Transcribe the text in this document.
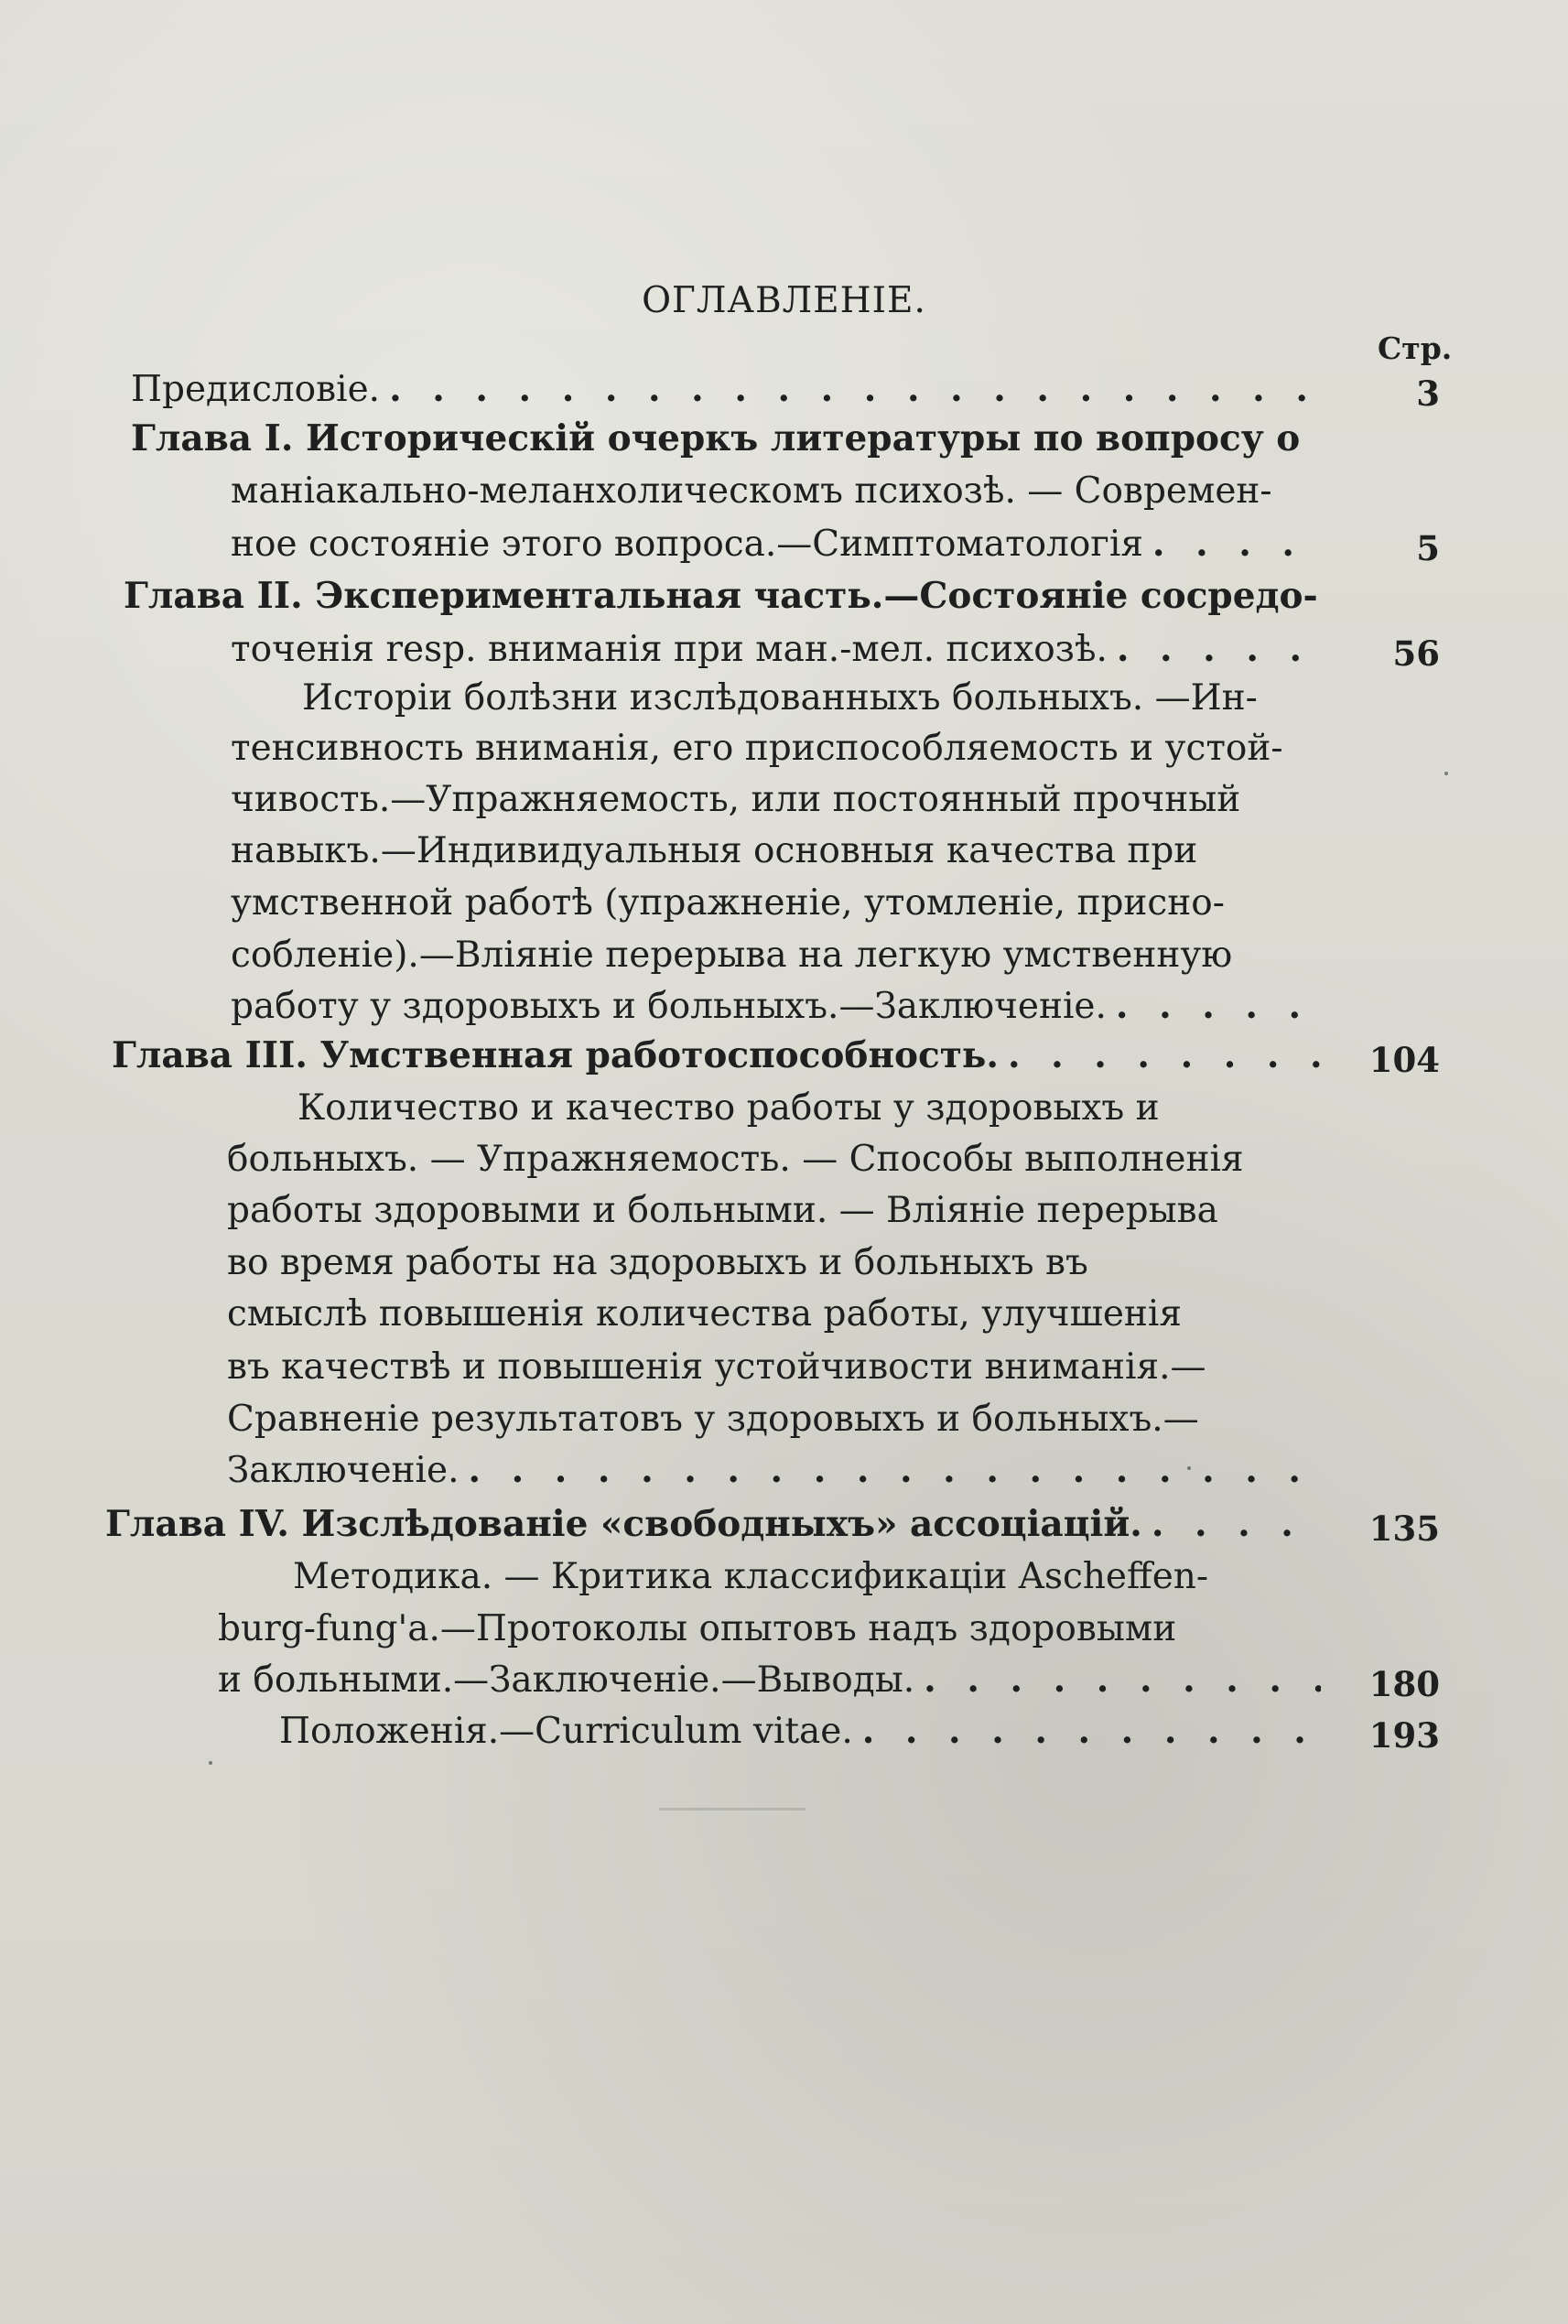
ОГЛАВЛЕНIЕ.
Стр.
Предисловiе. . . .	3
Глава I. Историческiй очеркъ литературы по вопросу о
манiакально-меланхолическомъ психозѣ. — Современ-
ное состоянiе этого вопроса.—Симптоматологiя . . .	5
Глава II. Экспериментальная часть.—Состоянiе сосредо-
точенiя resp. вниманiя при ман.-мел. психозѣ. . . .	56
Исторiи болѣзни изслѣдованныхъ больныхъ. —Ин-
тенсивность вниманiя, его приспособляемость и устой-
чивость.—Упражняемость, или постоянный прочный
навыкъ.—Индивидуальныя основныя качества при
умственной работѣ (упражненiе, утомленiе, присно-
собленiе).—Влiянiе перерыва на легкую умственную
работу у здоровыхъ и больныхъ.—Заключенiе.
. . .
Глава III. Умственная работоспособность. . . .	104
Количество и качество работы у здоровыхъ и
больныхъ. — Упражняемость. — Способы выполненiя
работы здоровыми и больными. — Влiянiе перерыва
во время работы на здоровыхъ и больныхъ въ
смыслѣ повышенiя количества работы, улучшенiя
въ качествѣ и повышенiя устойчивости вниманiя.—
Сравненiе результатовъ у здоровыхъ и больныхъ.—
Заключенiе.
. . .
Глава IV. Изслѣдованiе «свободныхъ» ассоцiацiй. . . .	135
Методика. — Критика классификацiи Ascheffen-
burg-fung'a.—Протоколы опытовъ надъ здоровыми
и больными.—Заключенiе.—Выводы. . . .	180
Положенiя.—Curriculum vitae. . . .	193
